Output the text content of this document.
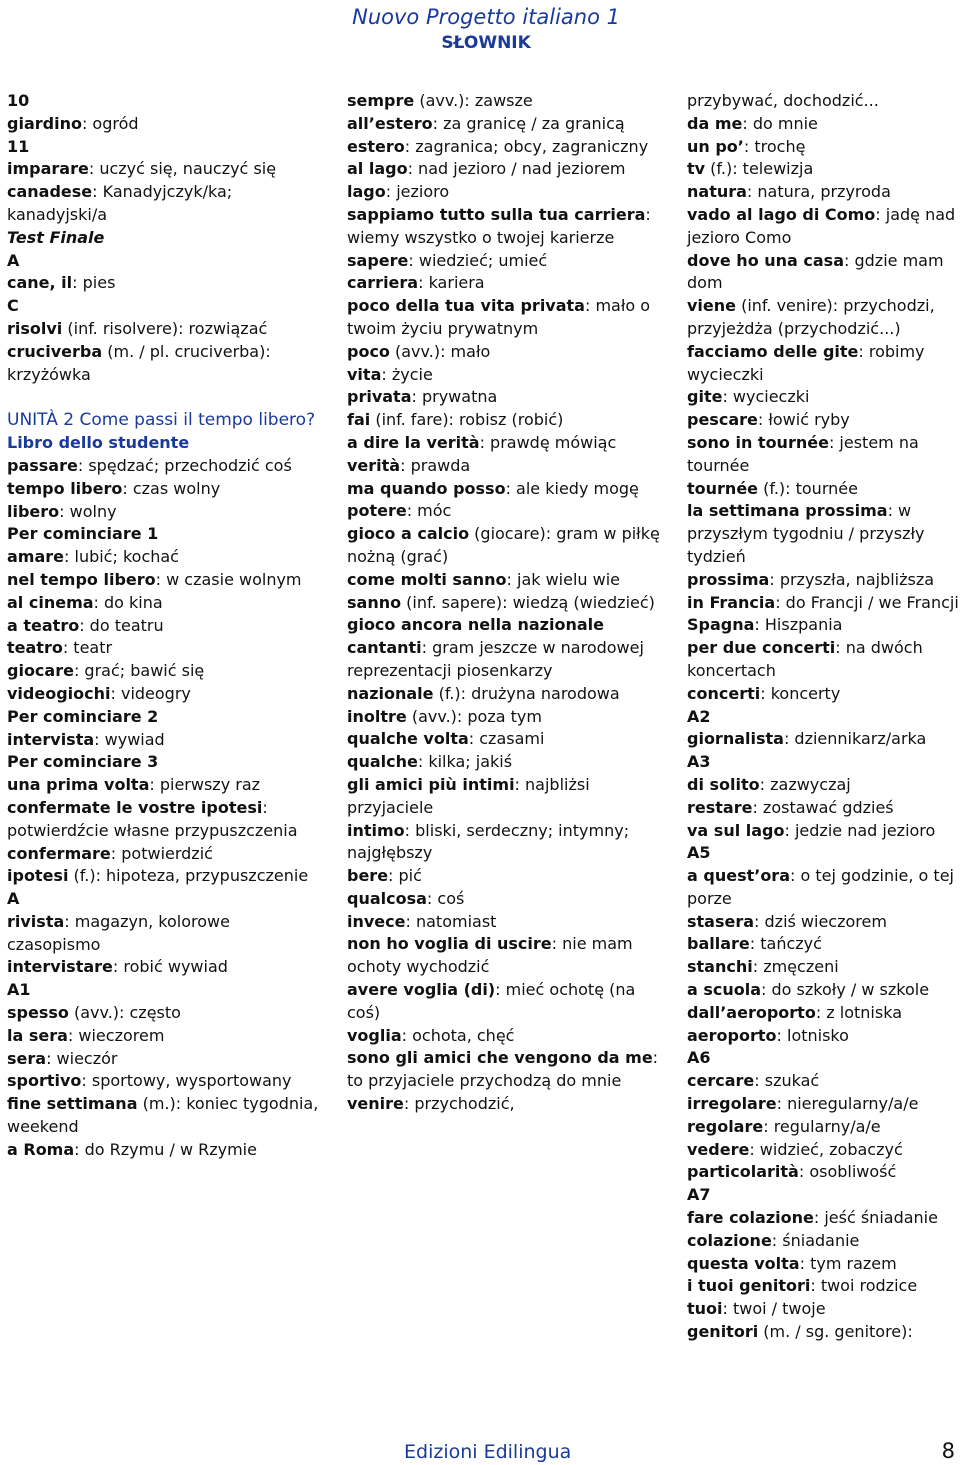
Nuovo Progetto italiano 1
SŁOWNIK

10

giardino: ogród

11

imparare: uczyć się, nauczyć się

canadese: Kanadyjczyk/ka; kanadyjski/a

Test Finale

A

cane, il: pies

C

risolvi (inf. risolvere): rozwiązać

cruciverba (m. / pl. cruciverba): krzyżówka

UNITÀ 2 Come passi il tempo libero?

Libro dello studente

passare: spędzać; przechodzić coś

tempo libero: czas wolny

libero: wolny

Per cominciare 1

amare: lubić; kochać

nel tempo libero: w czasie wolnym

al cinema: do kina

a teatro: do teatru

teatro: teatr

giocare: grać; bawić się

videogiochi: videogry

Per cominciare 2

intervista: wywiad

Per cominciare 3

una prima volta: pierwszy raz

confermate le vostre ipotesi: potwierdźcie własne przypuszczenia

confermare: potwierdzić

ipotesi (f.): hipoteza, przypuszczenie

A

rivista: magazyn, kolorowe czasopismo

intervistare: robić wywiad

A1

spesso (avv.): często

la sera: wieczorem

sera: wieczór

sportivo: sportowy, wysportowany

fine settimana (m.): koniec tygodnia, weekend

a Roma: do Rzymu / w Rzymie

sempre (avv.): zawsze

all’estero: za granicę / za granicą

estero: zagranica; obcy, zagraniczny

al lago: nad jezioro / nad jeziorem

lago: jezioro

sappiamo tutto sulla tua carriera: wiemy wszystko o twojej karierze

sapere: wiedzieć; umieć

carriera: kariera

poco della tua vita privata: mało o twoim życiu prywatnym

poco (avv.): mało

vita: życie

privata: prywatna

fai (inf. fare): robisz (robić)

a dire la verità: prawdę mówiąc

verità: prawda

ma quando posso: ale kiedy mogę

potere: móc

gioco a calcio (giocare): gram w piłkę nożną (grać)

come molti sanno: jak wielu wie

sanno (inf. sapere): wiedzą (wiedzieć)

gioco ancora nella nazionale cantanti: gram jeszcze w narodowej reprezentacji piosenkarzy

nazionale (f.): drużyna narodowa

inoltre (avv.): poza tym

qualche volta: czasami

qualche: kilka; jakiś

gli amici più intimi: najbliżsi przyjaciele

intimo: bliski, serdeczny; intymny; najgłębszy

bere: pić

qualcosa: coś

invece: natomiast

non ho voglia di uscire: nie mam ochoty wychodzić

avere voglia (di): mieć ochotę (na coś)

voglia: ochota, chęć

sono gli amici che vengono da me: to przyjaciele przychodzą do mnie

venire: przychodzić,

przybywać, dochodzić...

da me: do mnie

un po’: trochę

tv (f.): telewizja

natura: natura, przyroda

vado al lago di Como: jadę nad jezioro Como

dove ho una casa: gdzie mam dom

viene (inf. venire): przychodzi, przyjeżdża (przychodzić...)

facciamo delle gite: robimy wycieczki

gite: wycieczki

pescare: łowić ryby

sono in tournée: jestem na tournée

tournée (f.): tournée

la settimana prossima: w przyszłym tygodniu / przyszły tydzień

prossima: przyszła, najbliższa

in Francia: do Francji / we Francji

Spagna: Hiszpania

per due concerti: na dwóch koncertach

concerti: koncerty

A2

giornalista: dziennikarz/arka

A3

di solito: zazwyczaj

restare: zostawać gdzieś

va sul lago: jedzie nad jezioro

A5

a quest’ora: o tej godzinie, o tej porze

stasera: dziś wieczorem

ballare: tańczyć

stanchi: zmęczeni

a scuola: do szkoły / w szkole

dall’aeroporto: z lotniska

aeroporto: lotnisko

A6

cercare: szukać

irregolare: nieregularny/a/e

regolare: regularny/a/e

vedere: widzieć, zobaczyć

particolarità: osobliwość

A7

fare colazione: jeść śniadanie

colazione: śniadanie

questa volta: tym razem

i tuoi genitori: twoi rodzice

tuoi: twoi / twoje

genitori (m. / sg. genitore):

Edizioni Edilingua	8
